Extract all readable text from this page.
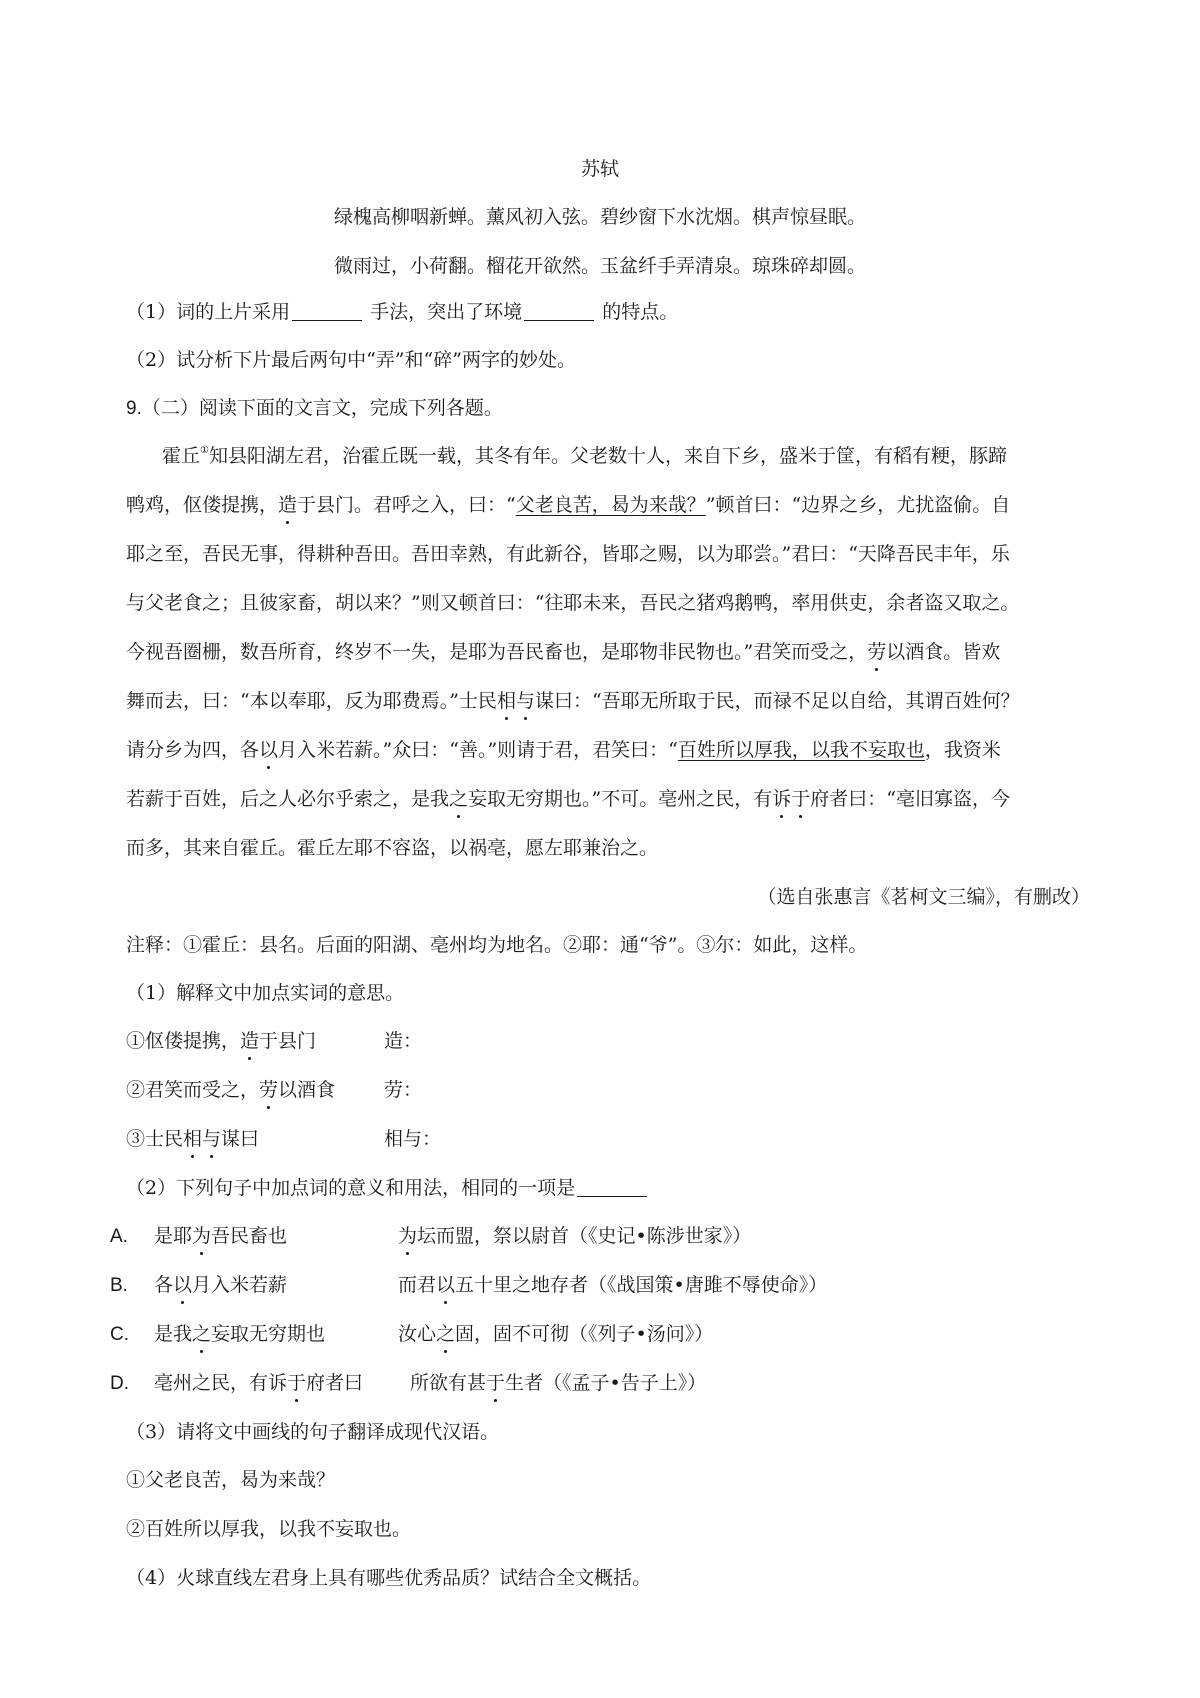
苏轼
绿槐高柳咽新蝉。薰风初入弦。碧纱窗下水沈烟。棋声惊昼眠。
微雨过，小荷翻。榴花开欲然。玉盆纤手弄清泉。琼珠碎却圆。
（1）词的上片采用	手法，突出了环境	的特点。
（2）试分析下片最后两句中“弄”和“碎”两字的妙处。
9.（二）阅读下面的文言文，完成下列各题。
霍丘①知县阳湖左君，治霍丘既一载，其冬有年。父老数十人，来自下乡，盛米于筐，有稻有粳，豚蹄
鸭鸡，伛偻提携，造于县门。君呼之入，曰：“父老良苦，曷为来哉？”顿首曰：“边界之乡，尤扰盗偷。自
耶之至，吾民无事，得耕种吾田。吾田幸熟，有此新谷，皆耶之赐，以为耶尝。”君曰：“天降吾民丰年，乐
与父老食之；且彼家畜，胡以来？”则又顿首曰：“往耶未来，吾民之猪鸡鹅鸭，率用供吏，余者盗又取之。
今视吾圈栅，数吾所育，终岁不一失，是耶为吾民畜也，是耶物非民物也。”君笑而受之，劳以酒食。皆欢
舞而去，曰：“本以奉耶，反为耶费焉。”士民相与谋曰：“吾耶无所取于民，而禄不足以自给，其谓百姓何？
请分乡为四，各以月入米若薪。”众曰：“善。”则请于君，君笑曰：“百姓所以厚我，以我不妄取也，我资米
若薪于百姓，后之人必尔乎索之，是我之妄取无穷期也。”不可。亳州之民，有诉于府者曰：“亳旧寡盗，今
而多，其来自霍丘。霍丘左耶不容盗，以祸亳，愿左耶兼治之。
（选自张惠言《茗柯文三编》，有删改）
注释：①霍丘：县名。后面的阳湖、亳州均为地名。②耶：通“爷”。③尔：如此，这样。
（1）解释文中加点实词的意思。
①伛偻提携，造于县门	造：
②君笑而受之，劳以酒食	劳：
③士民相与谋曰	相与：
（2）下列句子中加点词的意义和用法，相同的一项是
A. 是耶为吾民畜也	为坛而盟，祭以尉首（《史记•陈涉世家》）
B. 各以月入米若薪	而君以五十里之地存者（《战国策•唐雎不辱使命》）
C. 是我之妄取无穷期也	汝心之固，固不可彻（《列子•汤问》）
D. 亳州之民，有诉于府者曰 所欲有甚于生者（《孟子•告子上》）
（3）请将文中画线的句子翻译成现代汉语。
①父老良苦，曷为来哉？
②百姓所以厚我，以我不妄取也。
（4）火球直线左君身上具有哪些优秀品质？试结合全文概括。
